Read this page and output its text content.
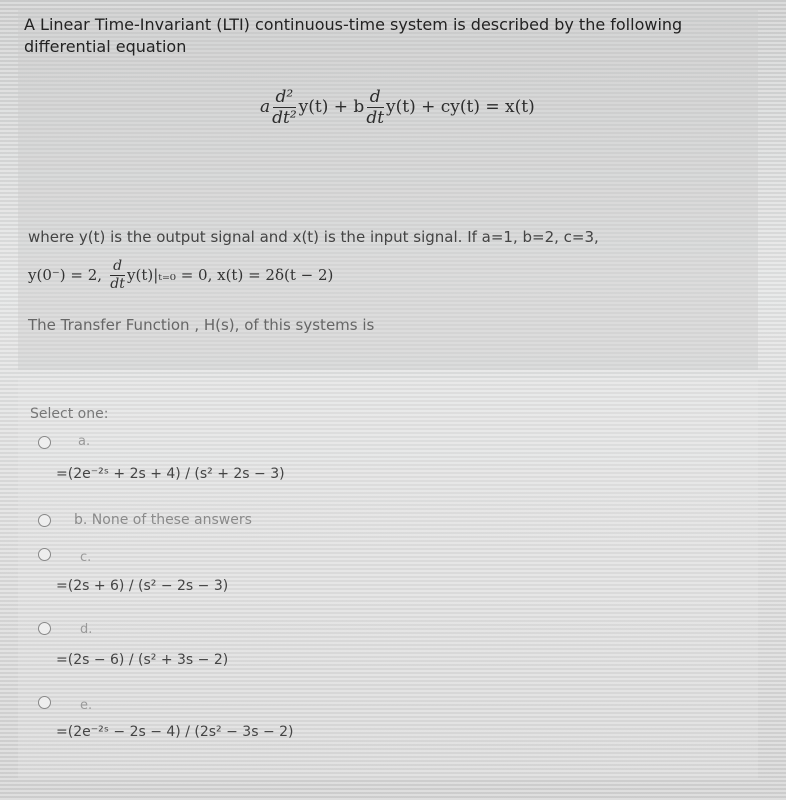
A Linear Time-Invariant (LTI) continuous-time system is described by the following differential equation
a $\frac{\text{d²}}{\text{dt²}} y(t) + b \frac{d}{dt} y(t) + cy(t) = x(t)$
where y(t) is the output signal and x(t) is the input signal. If a=1, b=2, c=3,
y(0⁻) = 2, $\frac{d}{dt} y(t)|_{t=0} = 0$, x(t) = 2δ(t − 2)
The Transfer Function , H(s), of this systems is
Select one:
a.
=(2e⁻²ˢ + 2s + 4) / (s² + 2s − 3)
b. None of these answers
c.
=(2s + 6) / (s² − 2s − 3)
d.
=(2s − 6) / (s² + 3s − 2)
e.
=(2e⁻²ˢ − 2s − 4) / (2s² − 3s − 2)
